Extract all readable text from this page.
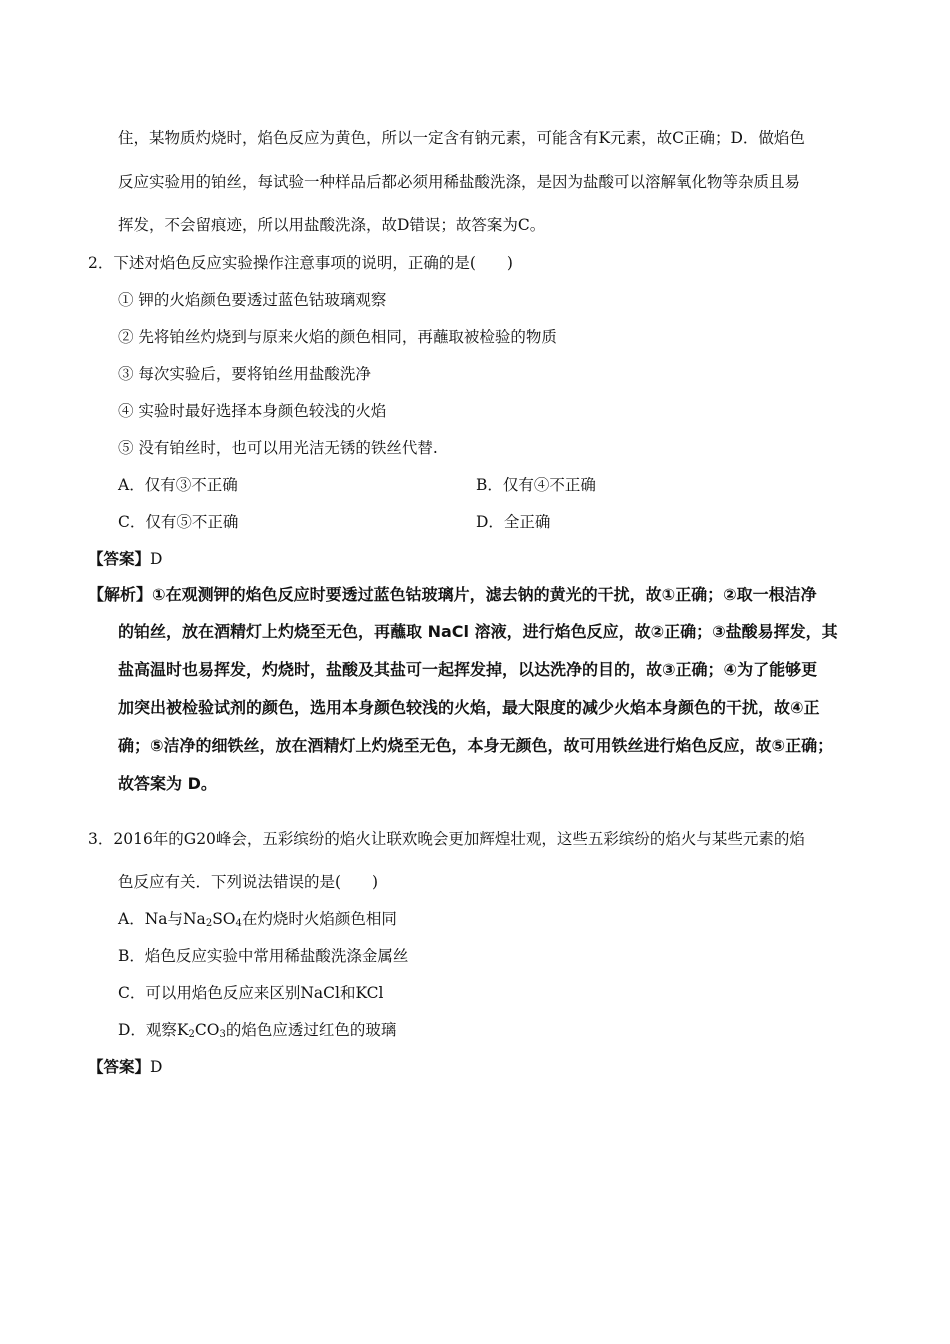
住，某物质灼烧时，焰色反应为黄色，所以一定含有钠元素，可能含有K元素，故C正确；D．做焰色
反应实验用的铂丝，每试验一种样品后都必须用稀盐酸洗涤，是因为盐酸可以溶解氧化物等杂质且易
挥发，不会留痕迹，所以用盐酸洗涤，故D错误；故答案为C。
2．下述对焰色反应实验操作注意事项的说明，正确的是(　　)
① 钾的火焰颜色要透过蓝色钴玻璃观察
② 先将铂丝灼烧到与原来火焰的颜色相同，再蘸取被检验的物质
③ 每次实验后，要将铂丝用盐酸洗净
④ 实验时最好选择本身颜色较浅的火焰
⑤ 没有铂丝时，也可以用光洁无锈的铁丝代替.
A．仅有③不正确	B．仅有④不正确
C．仅有⑤不正确	D．全正确
【答案】D
【解析】①在观测钾的焰色反应时要透过蓝色钴玻璃片，滤去钠的黄光的干扰，故①正确；②取一根洁净
的铂丝，放在酒精灯上灼烧至无色，再蘸取 NaCl 溶液，进行焰色反应，故②正确；③盐酸易挥发，其
盐高温时也易挥发，灼烧时，盐酸及其盐可一起挥发掉，以达洗净的目的，故③正确；④为了能够更
加突出被检验试剂的颜色，选用本身颜色较浅的火焰，最大限度的减少火焰本身颜色的干扰，故④正
确；⑤洁净的细铁丝，放在酒精灯上灼烧至无色，本身无颜色，故可用铁丝进行焰色反应，故⑤正确；
故答案为 D。
3．2016年的G20峰会，五彩缤纷的焰火让联欢晚会更加辉煌壮观，这些五彩缤纷的焰火与某些元素的焰
色反应有关．下列说法错误的是(　　)
A．Na与$Na_2SO_4$在灼烧时火焰颜色相同
B．焰色反应实验中常用稀盐酸洗涤金属丝
C．可以用焰色反应来区别NaCl和KCl
D．观察$K_2CO_3$的焰色应透过红色的玻璃
【答案】D
